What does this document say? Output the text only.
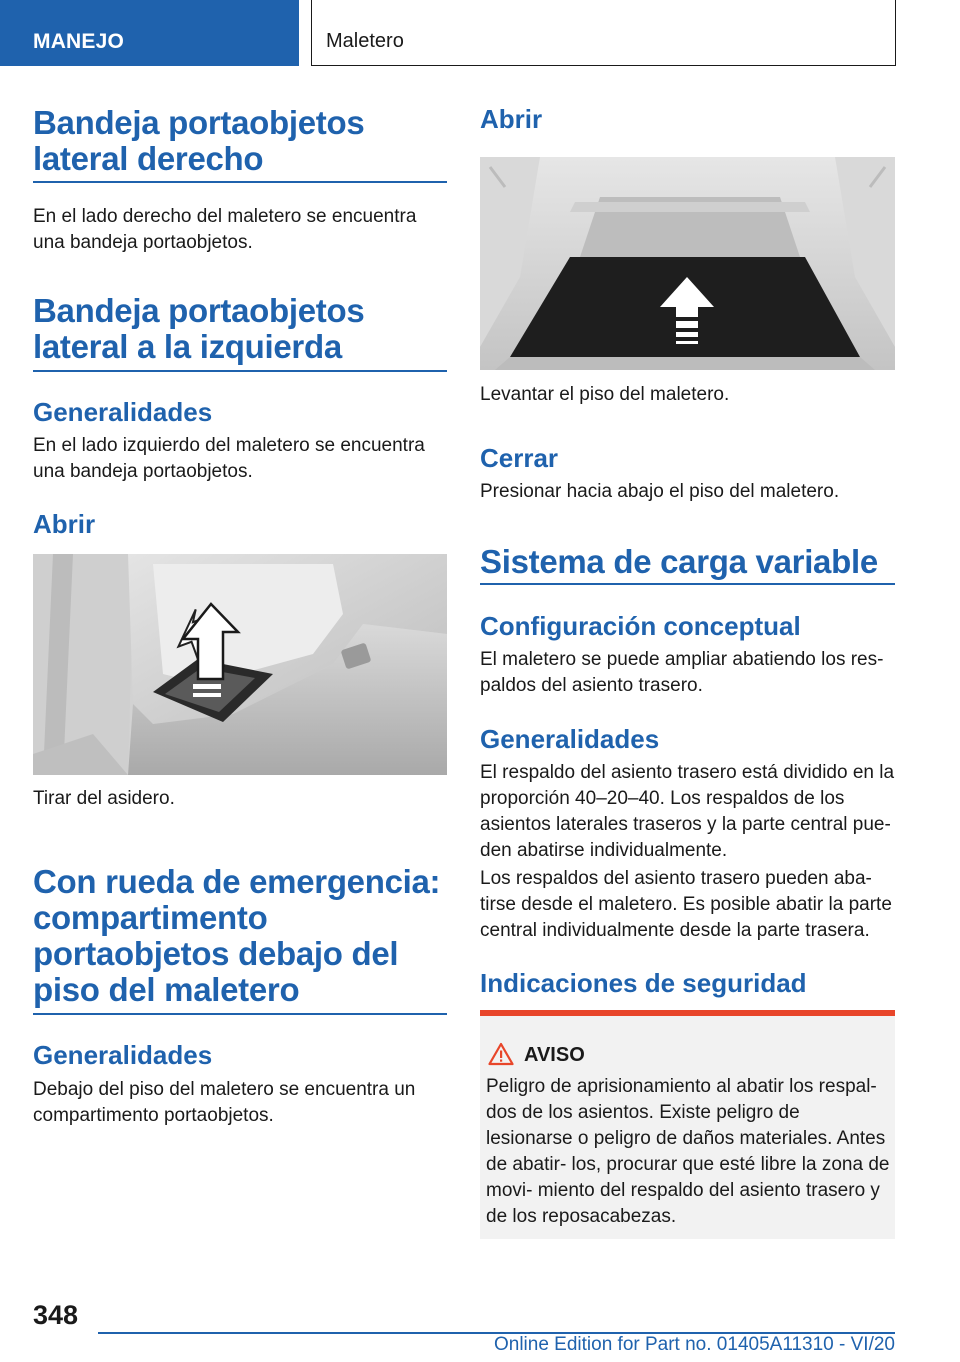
MANEJO	Maletero
Bandeja portaobjetos lateral derecho
En el lado derecho del maletero se encuentra una bandeja portaobjetos.
Bandeja portaobjetos lateral a la izquierda
Generalidades
En el lado izquierdo del maletero se encuentra una bandeja portaobjetos.
Abrir
Tirar del asidero.
Con rueda de emergencia: compartimento portaobjetos debajo del piso del maletero
Generalidades
Debajo del piso del maletero se encuentra un compartimento portaobjetos.
Abrir
Levantar el piso del maletero.
Cerrar
Presionar hacia abajo el piso del maletero.
Sistema de carga variable
Configuración conceptual
El maletero se puede ampliar abatiendo los res- paldos del asiento trasero.
Generalidades
El respaldo del asiento trasero está dividido en la proporción 40–20–40. Los respaldos de los asientos laterales traseros y la parte central pue- den abatirse individualmente.
Los respaldos del asiento trasero pueden aba- tirse desde el maletero. Es posible abatir la parte central individualmente desde la parte trasera.
Indicaciones de seguridad
AVISO
Peligro de aprisionamiento al abatir los respal- dos de los asientos. Existe peligro de lesionarse o peligro de daños materiales. Antes de abatir- los, procurar que esté libre la zona de movi- miento del respaldo del asiento trasero y de los reposacabezas.
348
Online Edition for Part no. 01405A11310 - VI/20
